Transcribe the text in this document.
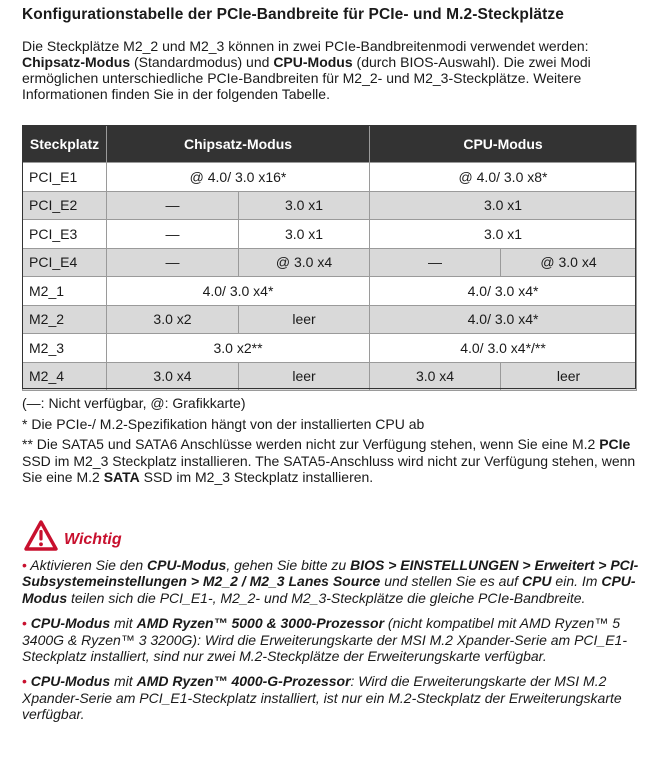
Konfigurationstabelle der PCIe-Bandbreite für PCIe- und M.2-Steckplätze

Die Steckplätze M2_2 und M2_3 können in zwei PCIe-Bandbreitenmodi verwendet werden: Chipsatz-Modus (Standardmodus) und CPU-Modus (durch BIOS-Auswahl). Die zwei Modi ermöglichen unterschiedliche PCIe-Bandbreiten für M2_2- und M2_3-Steckplätze. Weitere Informationen finden Sie in der folgenden Tabelle.

Steckplatz	Chipsatz-Modus		CPU-Modus	
PCI_E1	@ 4.0/ 3.0 x16*		@ 4.0/ 3.0 x8*	
PCI_E2	—	3.0 x1	3.0 x1	
PCI_E3	—	3.0 x1	3.0 x1	
PCI_E4	—	@ 3.0 x4	—	@ 3.0 x4
M2_1	4.0/ 3.0 x4*		4.0/ 3.0 x4*	
M2_2	3.0 x2	leer	4.0/ 3.0 x4*	
M2_3	3.0 x2**		4.0/ 3.0 x4*/**	
M2_4	3.0 x4	leer	3.0 x4	leer

(—: Nicht verfügbar, @: Grafikkarte)

* Die PCIe-/ M.2-Spezifikation hängt von der installierten CPU ab

** Die SATA5 und SATA6 Anschlüsse werden nicht zur Verfügung stehen, wenn Sie eine M.2 PCIe SSD im M2_3 Steckplatz installieren. The SATA5-Anschluss wird nicht zur Verfügung stehen, wenn Sie eine M.2 SATA SSD im M2_3 Steckplatz installieren.

Wichtig

• Aktivieren Sie den CPU-Modus, gehen Sie bitte zu BIOS > EINSTELLUNGEN > Erweitert > PCI-Subsystemeinstellungen > M2_2 / M2_3 Lanes Source und stellen Sie es auf CPU ein. Im CPU-Modus teilen sich die PCI_E1-, M2_2- und M2_3-Steckplätze die gleiche PCIe-Bandbreite.

• CPU-Modus mit AMD Ryzen™ 5000 & 3000-Prozessor (nicht kompatibel mit AMD Ryzen™ 5 3400G & Ryzen™ 3 3200G): Wird die Erweiterungskarte der MSI M.2 Xpander-Serie am PCI_E1-Steckplatz installiert, sind nur zwei M.2-Steckplätze der Erweiterungskarte verfügbar.

• CPU-Modus mit AMD Ryzen™ 4000-G-Prozessor: Wird die Erweiterungskarte der MSI M.2 Xpander-Serie am PCI_E1-Steckplatz installiert, ist nur ein M.2-Steckplatz der Erweiterungskarte verfügbar.
